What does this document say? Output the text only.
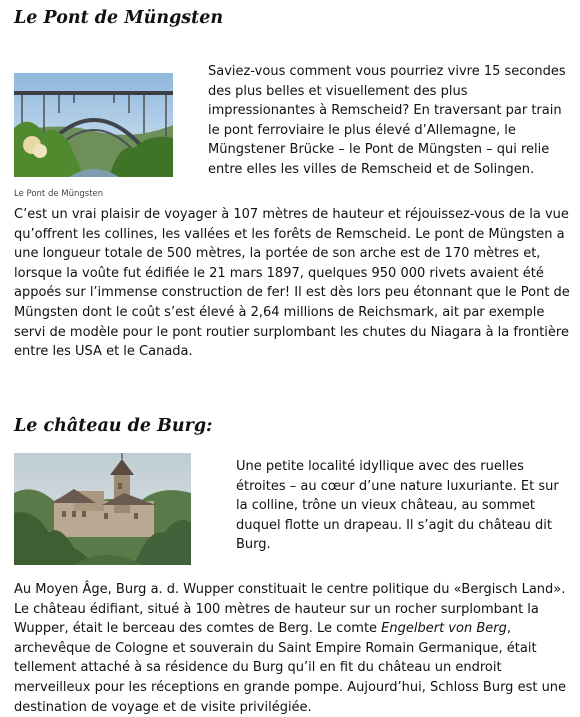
Le Pont de Müngsten
Le Pont de Müngsten

Saviez-vous comment vous pourriez vivre 15 secondes des plus belles et visuellement des plus impressionantes à Remscheid? En traversant par train le pont ferroviaire le plus élevé d’Allemagne, le Müngstener Brücke – le Pont de Müngsten – qui relie entre elles les villes de Remscheid et de Solingen.

C’est un vrai plaisir de voyager à 107 mètres de hauteur et réjouissez-vous de la vue qu’offrent les collines, les vallées et les forêts de Remscheid. Le pont de Müngsten a une longueur totale de 500 mètres, la portée de son arche est de 170 mètres et, lorsque la voûte fut édifiée le 21 mars 1897, quelques 950 000 rivets avaient été appoés sur l’immense construction de fer! Il est dès lors peu étonnant que le Pont de Müngsten dont le coût s’est élevé à 2,64 millions de Reichsmark, ait par exemple servi de modèle pour le pont routier surplombant les chutes du Niagara à la frontière entre les USA et le Canada.

Le château de Burg:

Une petite localité idyllique avec des ruelles étroites – au cœur d’une nature luxuriante. Et sur la colline, trône un vieux château, au sommet duquel flotte un drapeau. Il s’agit du château dit Burg.

Au Moyen Âge, Burg a. d. Wupper constituait le centre politique du «Bergisch Land». Le château édifiant, situé à 100 mètres de hauteur sur un rocher surplombant la Wupper, était le berceau des comtes de Berg. Le comte Engelbert von Berg, archevêque de Cologne et souverain du Saint Empire Romain Germanique, était tellement attaché à sa résidence du Burg qu’il en fit du château un endroit merveilleux pour les réceptions en grande pompe. Aujourd’hui, Schloss Burg est une destination de voyage et de visite privilégiée.
